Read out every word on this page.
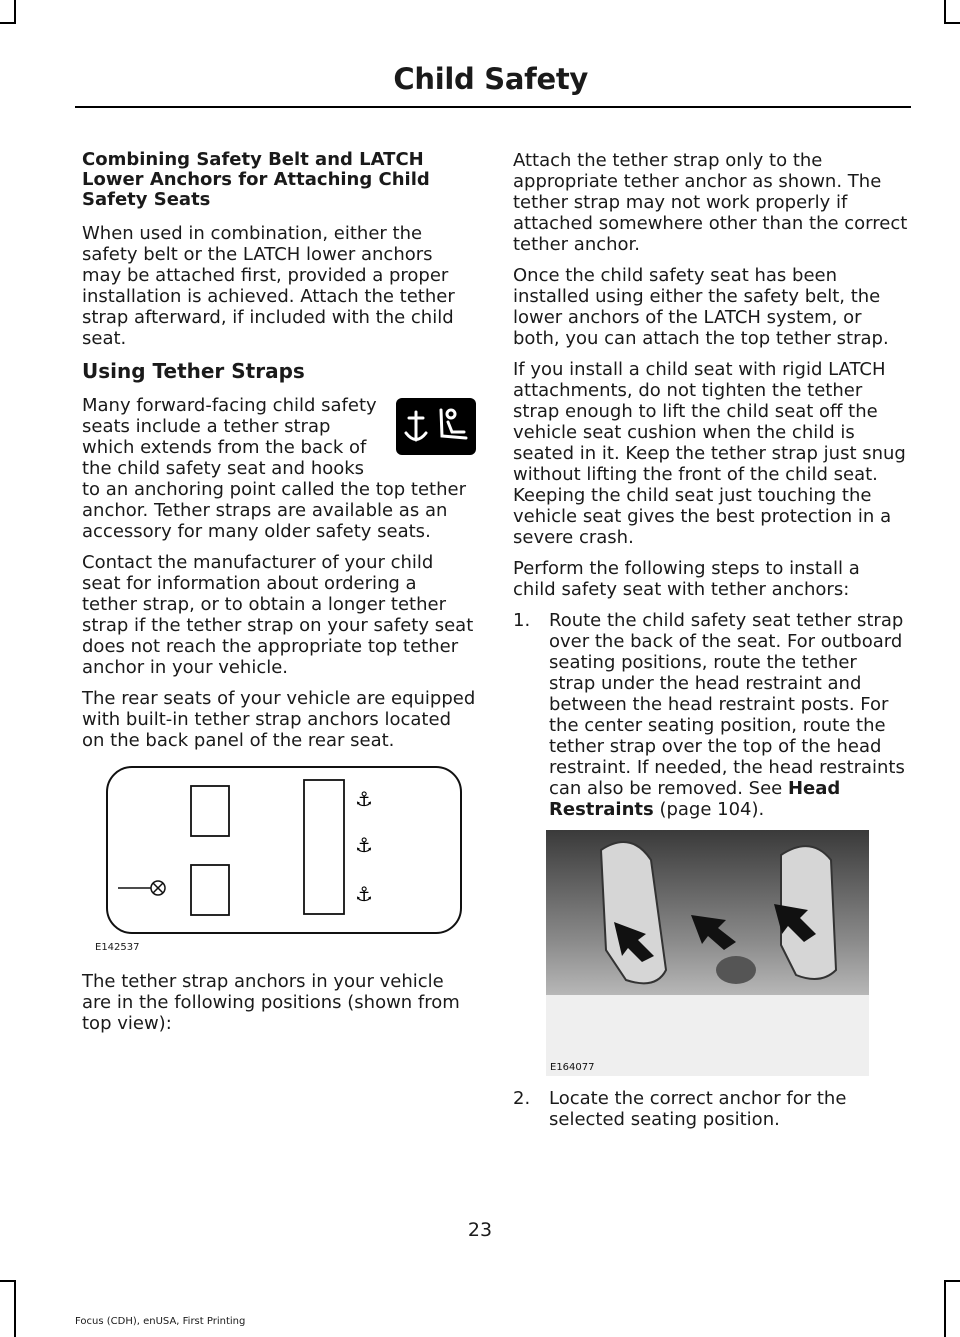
Child Safety
Combining Safety Belt and LATCH Lower Anchors for Attaching Child Safety Seats

When used in combination, either the safety belt or the LATCH lower anchors may be attached first, provided a proper installation is achieved. Attach the tether strap afterward, if included with the child seat.

Using Tether Straps

Many forward-facing child safety seats include a tether strap which extends from the back of the child safety seat and hooks to an anchoring point called the top tether anchor. Tether straps are available as an accessory for many older safety seats.

Contact the manufacturer of your child seat for information about ordering a tether strap, or to obtain a longer tether strap if the tether strap on your safety seat does not reach the appropriate top tether anchor in your vehicle.

The rear seats of your vehicle are equipped with built-in tether strap anchors located on the back panel of the rear seat.

⚓
⚓
⚓
E142537

The tether strap anchors in your vehicle are in the following positions (shown from top view):

Attach the tether strap only to the appropriate tether anchor as shown. The tether strap may not work properly if attached somewhere other than the correct tether anchor.

Once the child safety seat has been installed using either the safety belt, the lower anchors of the LATCH system, or both, you can attach the top tether strap.

If you install a child seat with rigid LATCH attachments, do not tighten the tether strap enough to lift the child seat off the vehicle seat cushion when the child is seated in it. Keep the tether strap just snug without lifting the front of the child seat. Keeping the child seat just touching the vehicle seat gives the best protection in a severe crash.

Perform the following steps to install a child safety seat with tether anchors:

1. Route the child safety seat tether strap over the back of the seat. For outboard seating positions, route the tether strap under the head restraint and between the head restraint posts. For the center seating position, route the tether strap over the top of the head restraint. If needed, the head restraints can also be removed. See Head Restraints (page 104).
E164077
2. Locate the correct anchor for the selected seating position.
23
Focus (CDH), enUSA, First Printing
